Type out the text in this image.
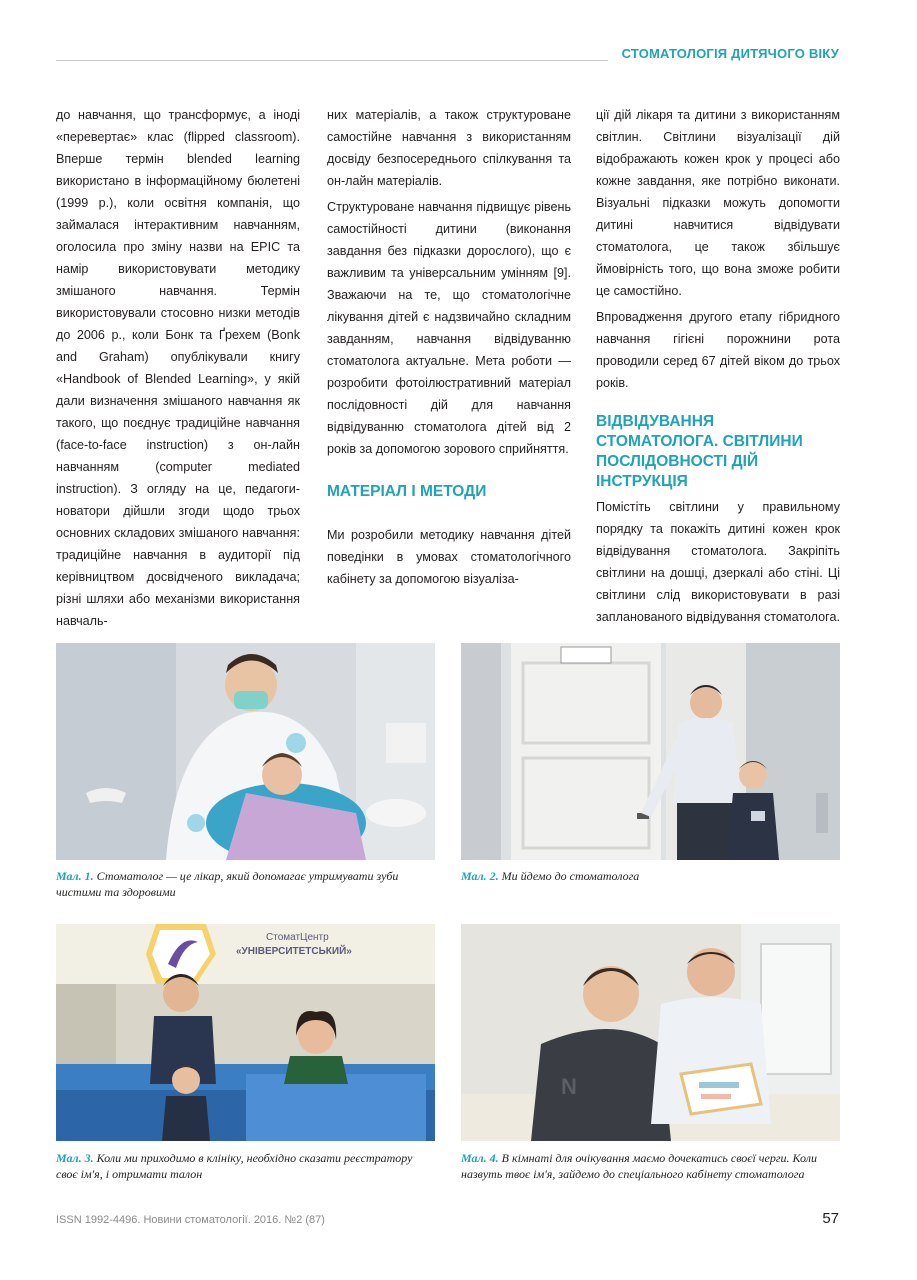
СТОМАТОЛОГІЯ ДИТЯЧОГО ВІКУ

до навчання, що трансформує, а іноді «перевертає» клас (flipped classroom). Вперше термін blended learning використано в інформаційному бюлетені (1999 р.), коли освітня компанія, що займалася інтерактивним навчанням, оголосила про зміну назви на EPIC та намір використовувати методику змішаного навчання. Термін використовували стосовно низки методів до 2006 р., коли Бонк та Ґрехем (Bonk and Graham) опублікували книгу «Handbook of Blended Learning», у якій дали визначення змішаного навчання як такого, що поєднує традиційне навчання (face-to-face instruction) з он-лайн навчанням (computer mediated instruction). З огляду на це, педагоги-новатори дійшли згоди щодо трьох основних складових змішаного навчання: традиційне навчання в аудиторії під керівництвом досвідченого викладача; різні шляхи або механізми використання навчаль-

них матеріалів, а також структуроване самостійне навчання з використанням досвіду безпосереднього спілкування та он-лайн матеріалів.

Структуроване навчання підвищує рівень самостійності дитини (виконання завдання без підказки дорослого), що є важливим та універсальним умінням [9]. Зважаючи на те, що стоматологічне лікування дітей є надзвичайно складним завданням, навчання відвідуванню стоматолога актуальне. Мета роботи — розробити фотоілюстративний матеріал послідовності дій для навчання відвідуванню стоматолога дітей від 2 років за допомогою зорового сприйняття.

МАТЕРІАЛ І МЕТОДИ

Ми розробили методику навчання дітей поведінки в умовах стоматологічного кабінету за допомогою візуаліза-

ції дій лікаря та дитини з використанням світлин. Світлини візуалізації дій відображають кожен крок у процесі або кожне завдання, яке потрібно виконати. Візуальні підказки можуть допомогти дитині навчитися відвідувати стоматолога, це також збільшує ймовірність того, що вона зможе робити це самостійно.

Впровадження другого етапу гібридного навчання гігієні порожнини рота проводили серед 67 дітей віком до трьох років.

ВІДВІДУВАННЯ СТОМАТОЛОГА. СВІТЛИНИ ПОСЛІДОВНОСТІ ДІЙ ІНСТРУКЦІЯ

Помістіть світлини у правильному порядку та покажіть дитині кожен крок відвідування стоматолога. Закріпіть світлини на дошці, дзеркалі або стіні. Ці світлини слід використовувати в разі запланованого відвідування стоматолога.

Мал. 1. Стоматолог — це лікар, який допомагає утримувати зуби чистими та здоровими
Мал. 2. Ми йдемо до стоматолога
СтоматЦентр
«УНІВЕРСИТЕТСЬКИЙ»
Мал. 3. Коли ми приходимо в клініку, необхідно сказати реєстратору своє ім'я, і отримати талон
N
Мал. 4. В кімнаті для очікування маємо дочекатись своєї черги. Коли назвуть твоє ім'я, зайдемо до спеціального кабінету стоматолога
ISSN 1992-4496. Новини стоматології. 2016. №2 (87)	57
